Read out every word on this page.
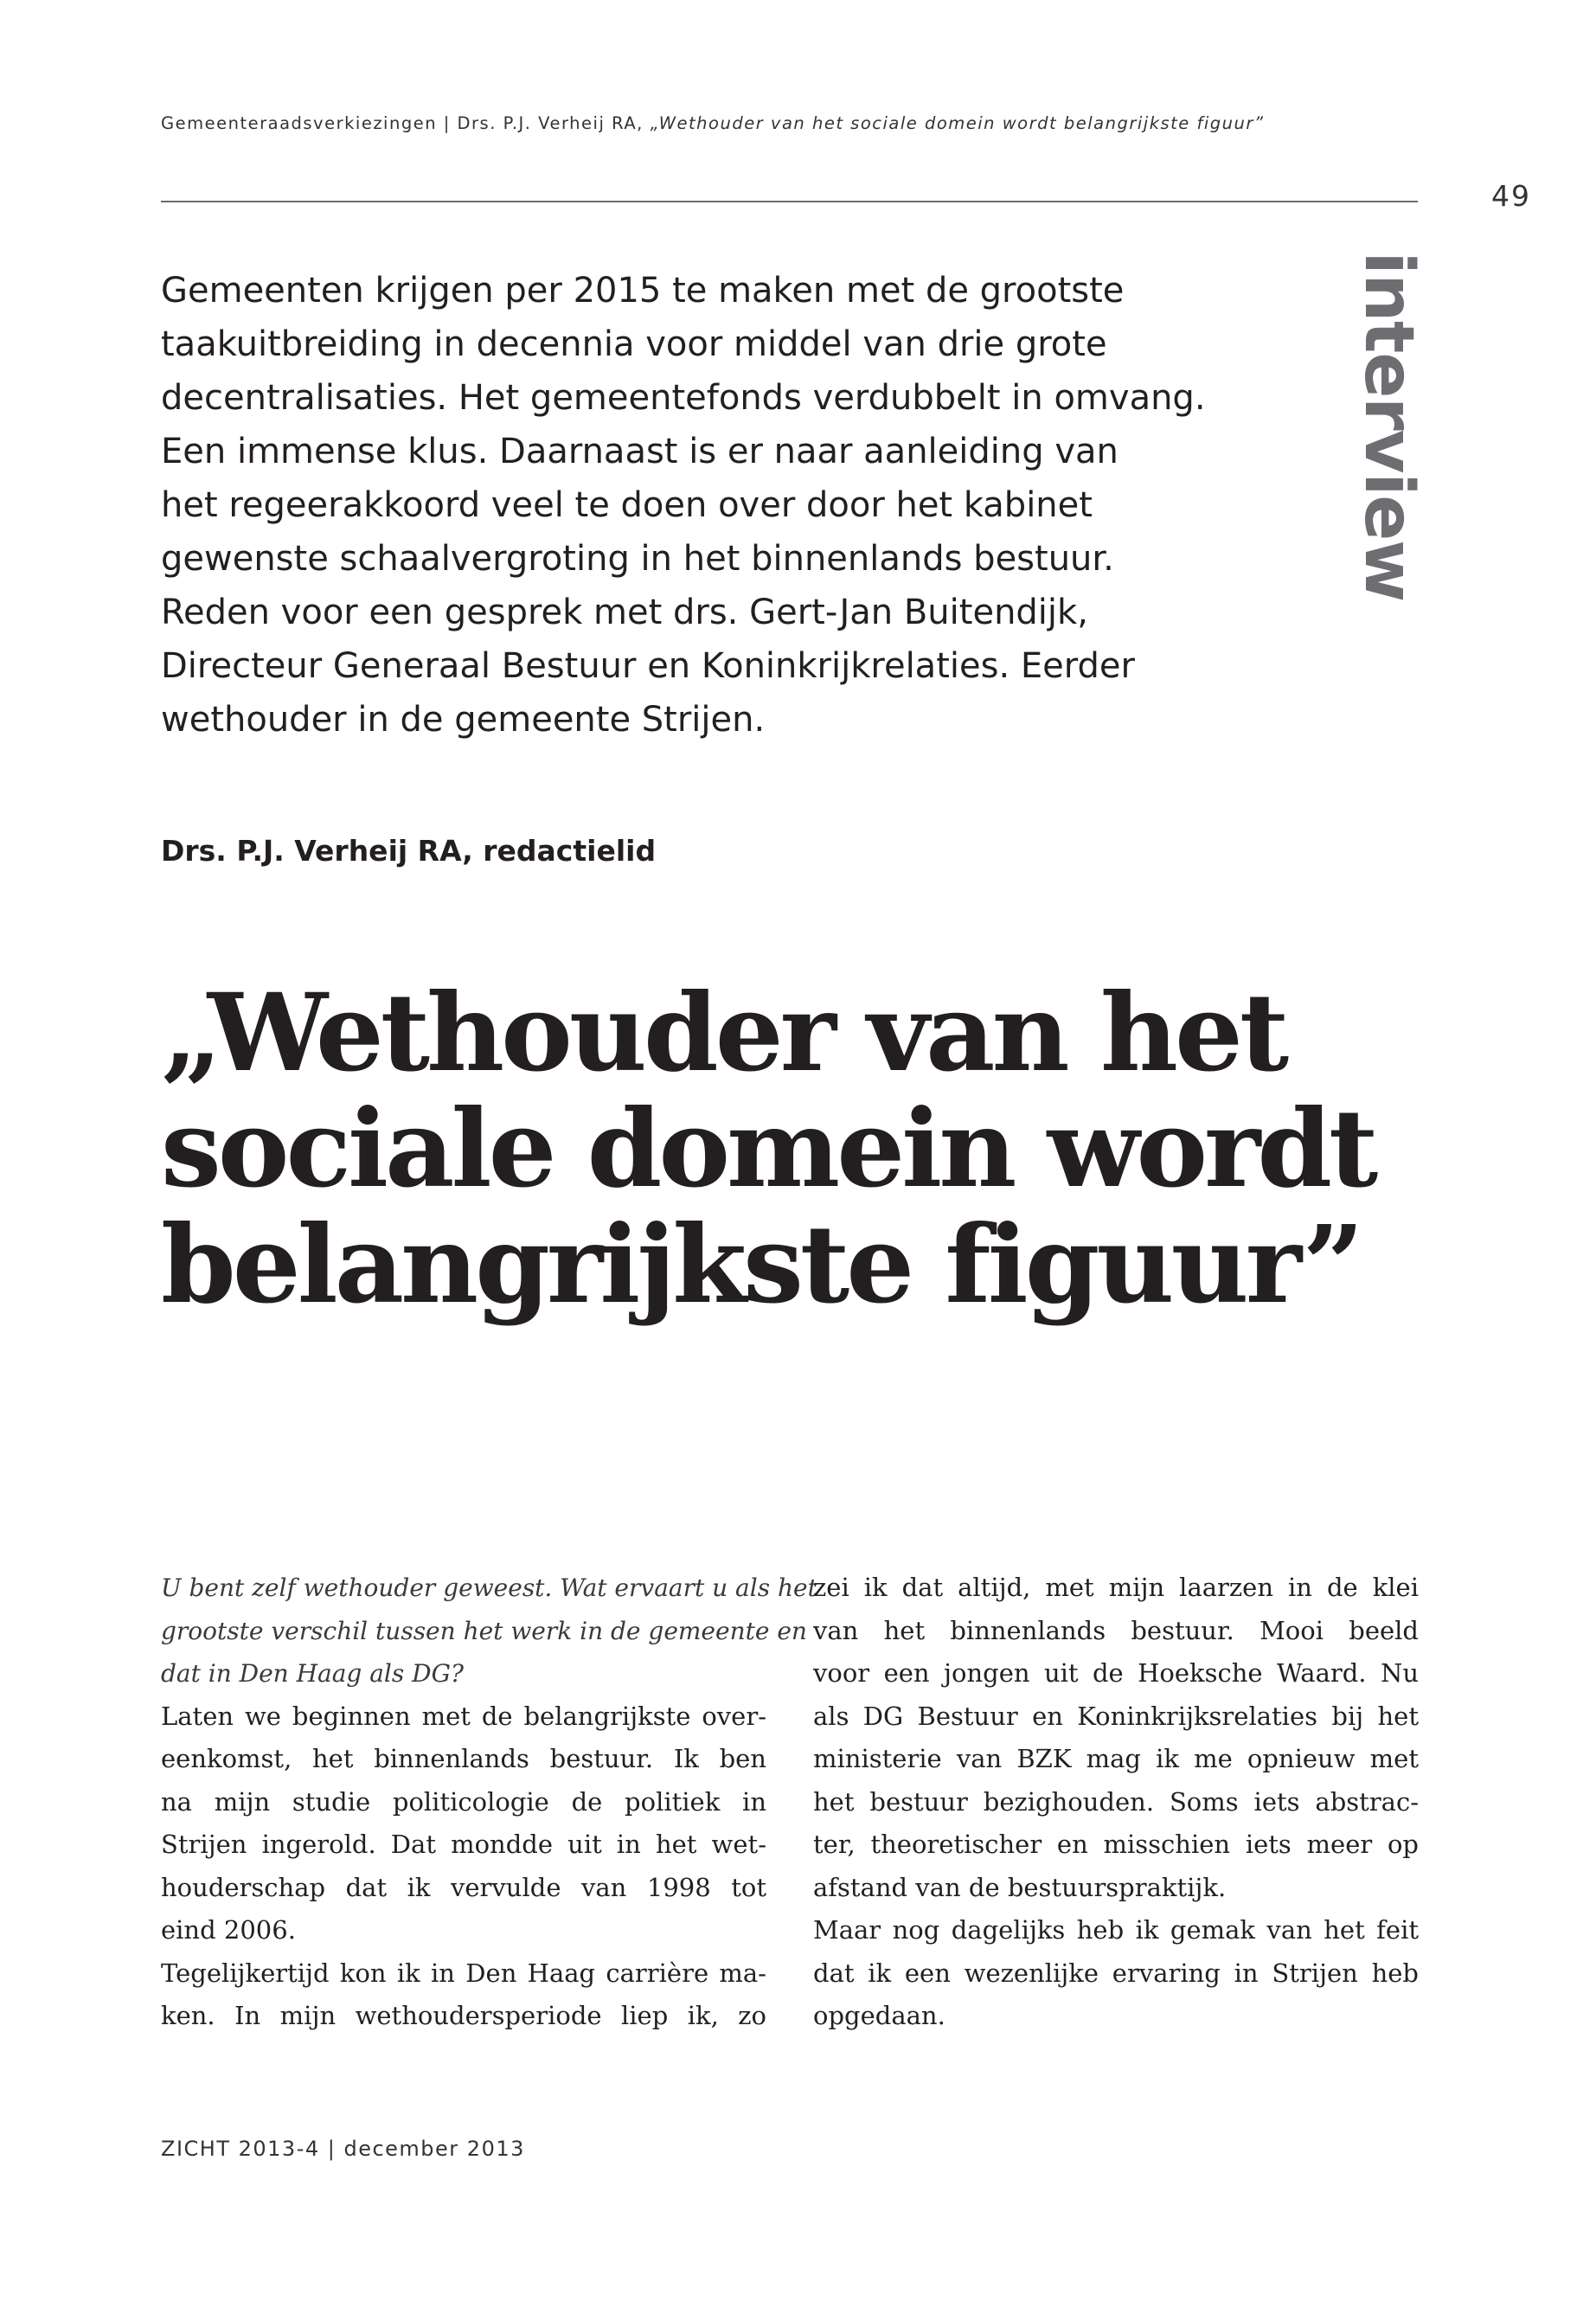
Gemeenteraadsverkiezingen | Drs. P.J. Verheij RA, „Wethouder van het sociale domein wordt belangrijkste figuur”
49
interview

Gemeenten krijgen per 2015 te maken met de grootste
taakuitbreiding in decennia voor middel van drie grote
decentralisaties. Het gemeentefonds verdubbelt in omvang.
Een immense klus. Daarnaast is er naar aanleiding van
het regeerakkoord veel te doen over door het kabinet
gewenste schaalvergroting in het binnenlands bestuur.
Reden voor een gesprek met drs. Gert-Jan Buitendijk,
Directeur Generaal Bestuur en Koninkrijkrelaties. Eerder
wethouder in de gemeente Strijen.

Drs. P.J. Verheij RA, redactielid
„Wethouder van het
sociale domein wordt
belangrijkste figuur”
U bent zelf wethouder geweest. Wat ervaart u als het
grootste verschil tussen het werk in de gemeente en
dat in Den Haag als DG?
Laten we beginnen met de belangrijkste over-
eenkomst, het binnenlands bestuur. Ik ben
na mijn studie politicologie de politiek in
Strijen ingerold. Dat mondde uit in het wet-
houderschap dat ik vervulde van 1998 tot
eind 2006.
Tegelijkertijd kon ik in Den Haag carrière ma-
ken. In mijn wethoudersperiode liep ik, zo
zei ik dat altijd, met mijn laarzen in de klei
van het binnenlands bestuur. Mooi beeld
voor een jongen uit de Hoeksche Waard. Nu
als DG Bestuur en Koninkrijksrelaties bij het
ministerie van BZK mag ik me opnieuw met
het bestuur bezighouden. Soms iets abstrac-
ter, theoretischer en misschien iets meer op
afstand van de bestuurspraktijk.
Maar nog dagelijks heb ik gemak van het feit
dat ik een wezenlijke ervaring in Strijen heb
opgedaan.
ZICHT 2013-4 | december 2013
